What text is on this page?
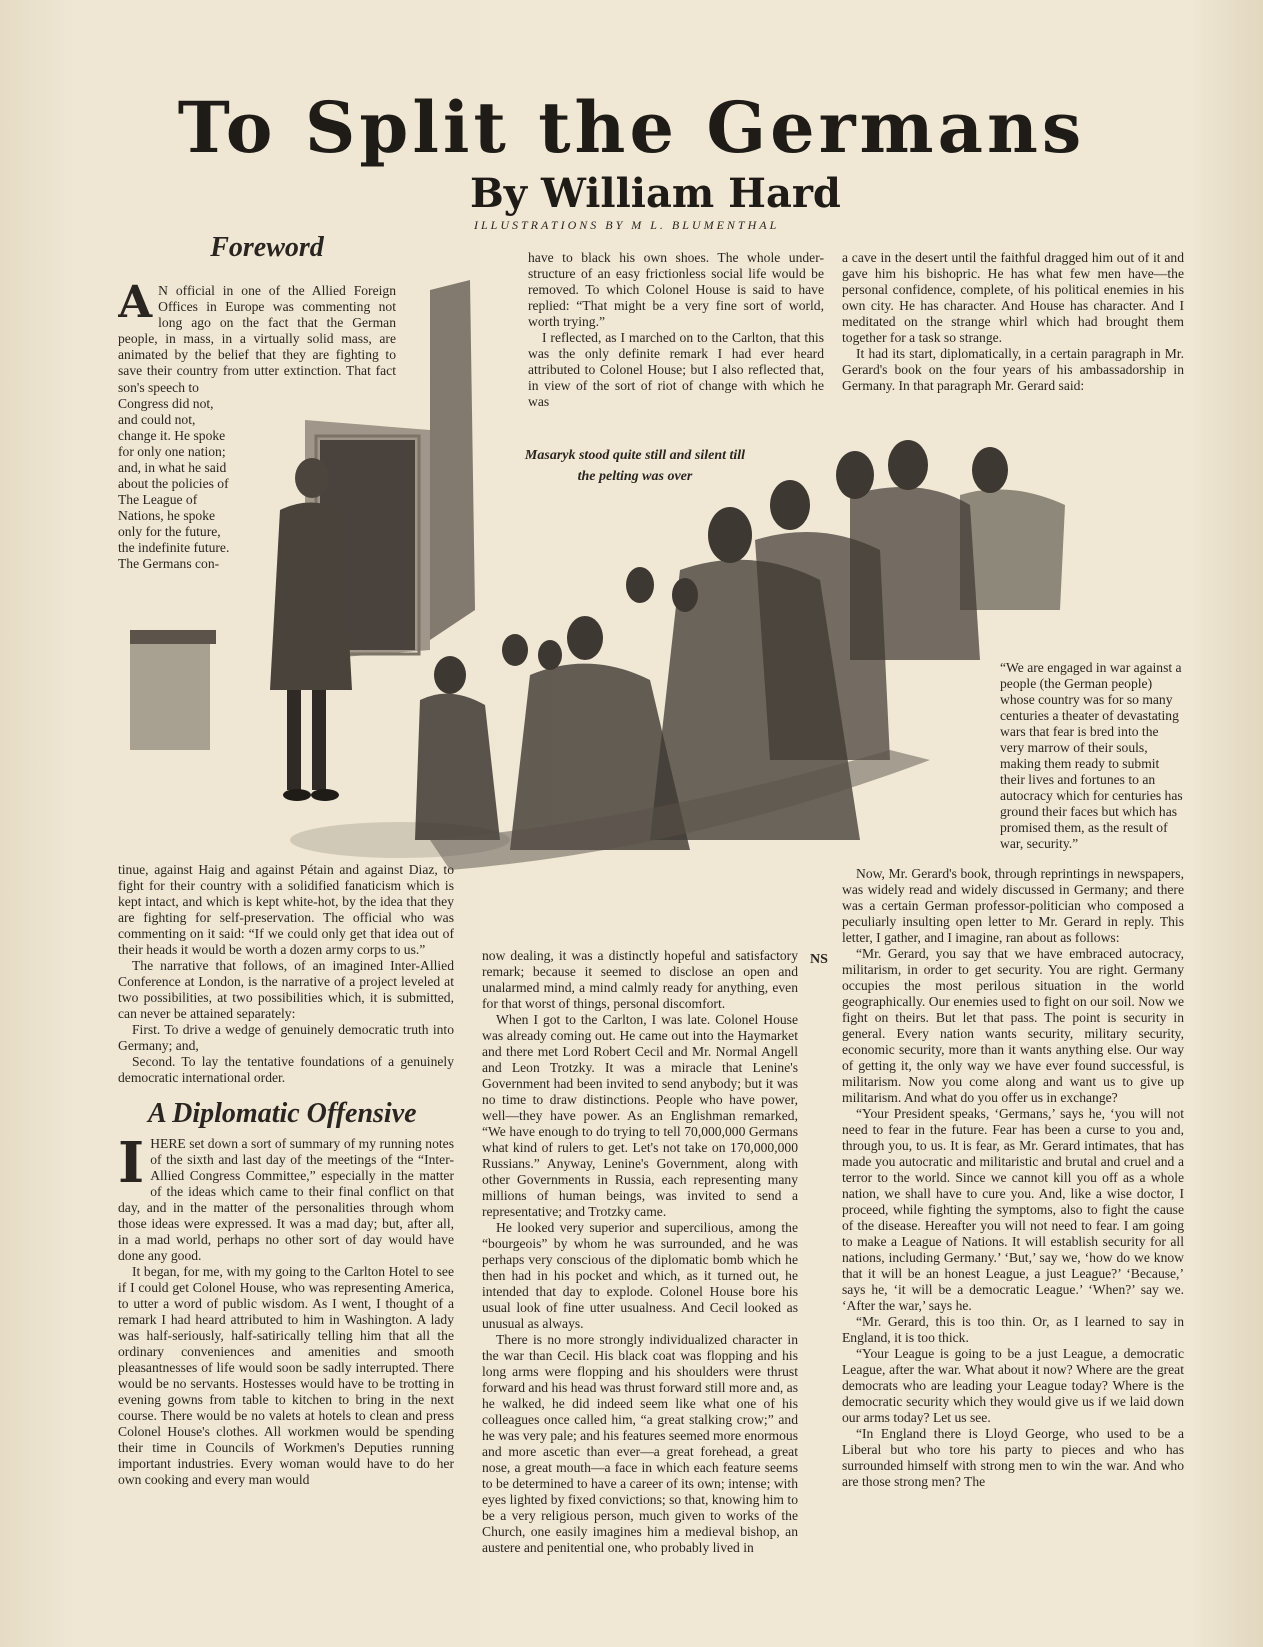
To Split the Germans
By William Hard
ILLUSTRATIONS BY M L. BLUMENTHAL
Masaryk stood quite still and silent till the pelting was over
Foreword

A N official in one of the Allied Foreign Offices in Europe was commenting not long ago on the fact that the German people, in mass, in a virtually solid mass, are animated by the belief that they are fighting to save their country from utter extinction. That fact

son's speech to Congress did not, and could not, change it. He spoke for only one nation; and, in what he said about the policies of The League of Nations, he spoke only for the future, the indefinite future. The Germans con-

tinue, against Haig and against Pétain and against Diaz, to fight for their country with a solidified fanaticism which is kept intact, and which is kept white-hot, by the idea that they are fighting for self-preservation. The official who was commenting on it said: “If we could only get that idea out of their heads it would be worth a dozen army corps to us.”

The narrative that follows, of an imagined Inter-Allied Conference at London, is the narrative of a project leveled at two possibilities, at two possibilities which, it is submitted, can never be attained separately:

First. To drive a wedge of genuinely democratic truth into Germany; and,

Second. To lay the tentative foundations of a genuinely democratic international order.

A Diplomatic Offensive

IHERE set down a sort of summary of my running notes of the sixth and last day of the meetings of the “Inter-Allied Congress Committee,” especially in the matter of the ideas which came to their final conflict on that day, and in the matter of the personalities through whom those ideas were expressed. It was a mad day; but, after all, in a mad world, perhaps no other sort of day would have done any good.

It began, for me, with my going to the Carlton Hotel to see if I could get Colonel House, who was representing America, to utter a word of public wisdom. As I went, I thought of a remark I had heard attributed to him in Washington. A lady was half-seriously, half-satirically telling him that all the ordinary conveniences and amenities and smooth pleasantnesses of life would soon be sadly interrupted. There would be no servants. Hostesses would have to be trotting in evening gowns from table to kitchen to bring in the next course. There would be no valets at hotels to clean and press Colonel House's clothes. All workmen would be spending their time in Councils of Workmen's Deputies running important industries. Every woman would have to do her own cooking and every man would

have to black his own shoes. The whole under-structure of an easy frictionless social life would be removed. To which Colonel House is said to have replied: “That might be a very fine sort of world, worth trying.”

I reflected, as I marched on to the Carlton, that this was the only definite remark I had ever heard attributed to Colonel House; but I also reflected that, in view of the sort of riot of change with which he was

now dealing, it was a distinctly hopeful and satisfactory remark; because it seemed to disclose an open and unalarmed mind, a mind calmly ready for anything, even for that worst of things, personal discomfort.

When I got to the Carlton, I was late. Colonel House was already coming out. He came out into the Haymarket and there met Lord Robert Cecil and Mr. Normal Angell and Leon Trotzky. It was a miracle that Lenine's Government had been invited to send anybody; but it was no time to draw distinctions. People who have power, well—they have power. As an Englishman remarked, “We have enough to do trying to tell 70,000,000 Germans what kind of rulers to get. Let's not take on 170,000,000 Russians.” Anyway, Lenine's Government, along with other Governments in Russia, each representing many millions of human beings, was invited to send a representative; and Trotzky came.

He looked very superior and supercilious, among the “bourgeois” by whom he was surrounded, and he was perhaps very conscious of the diplomatic bomb which he then had in his pocket and which, as it turned out, he intended that day to explode. Colonel House bore his usual look of fine utter usualness. And Cecil looked as unusual as always.

There is no more strongly individualized character in the war than Cecil. His black coat was flopping and his long arms were flopping and his shoulders were thrust forward and his head was thrust forward still more and, as he walked, he did indeed seem like what one of his colleagues once called him, “a great stalking crow;” and he was very pale; and his features seemed more enormous and more ascetic than ever—a great forehead, a great nose, a great mouth—a face in which each feature seems to be determined to have a career of its own; intense; with eyes lighted by fixed convictions; so that, knowing him to be a very religious person, much given to works of the Church, one easily imagines him a medieval bishop, an austere and penitential one, who probably lived in

NS

a cave in the desert until the faithful dragged him out of it and gave him his bishopric. He has what few men have—the personal confidence, complete, of his political enemies in his own city. He has character. And House has character. And I meditated on the strange whirl which had brought them together for a task so strange.

It had its start, diplomatically, in a certain paragraph in Mr. Gerard's book on the four years of his ambassadorship in Germany. In that paragraph Mr. Gerard said:

“We are engaged in war against a people (the German people) whose country was for so many centuries a theater of devastating wars that fear is bred into the very marrow of their souls, making them ready to submit their lives and fortunes to an autocracy which for centuries has ground their faces but which has promised them, as the result of war, security.”

Now, Mr. Gerard's book, through reprintings in newspapers, was widely read and widely discussed in Germany; and there was a certain German professor-politician who composed a peculiarly insulting open letter to Mr. Gerard in reply. This letter, I gather, and I imagine, ran about as follows:

“Mr. Gerard, you say that we have embraced autocracy, militarism, in order to get security. You are right. Germany occupies the most perilous situation in the world geographically. Our enemies used to fight on our soil. Now we fight on theirs. But let that pass. The point is security in general. Every nation wants security, military security, economic security, more than it wants anything else. Our way of getting it, the only way we have ever found successful, is militarism. Now you come along and want us to give up militarism. And what do you offer us in exchange?

“Your President speaks, ‘Germans,’ says he, ‘you will not need to fear in the future. Fear has been a curse to you and, through you, to us. It is fear, as Mr. Gerard intimates, that has made you autocratic and militaristic and brutal and cruel and a terror to the world. Since we cannot kill you off as a whole nation, we shall have to cure you. And, like a wise doctor, I proceed, while fighting the symptoms, also to fight the cause of the disease. Hereafter you will not need to fear. I am going to make a League of Nations. It will establish security for all nations, including Germany.’ ‘But,’ say we, ‘how do we know that it will be an honest League, a just League?’ ‘Because,’ says he, ‘it will be a democratic League.’ ‘When?’ say we. ‘After the war,’ says he.

“Mr. Gerard, this is too thin. Or, as I learned to say in England, it is too thick.

“Your League is going to be a just League, a democratic League, after the war. What about it now? Where are the great democrats who are leading your League today? Where is the democratic security which they would give us if we laid down our arms today? Let us see.

“In England there is Lloyd George, who used to be a Liberal but who tore his party to pieces and who has surrounded himself with strong men to win the war. And who are those strong men? The
